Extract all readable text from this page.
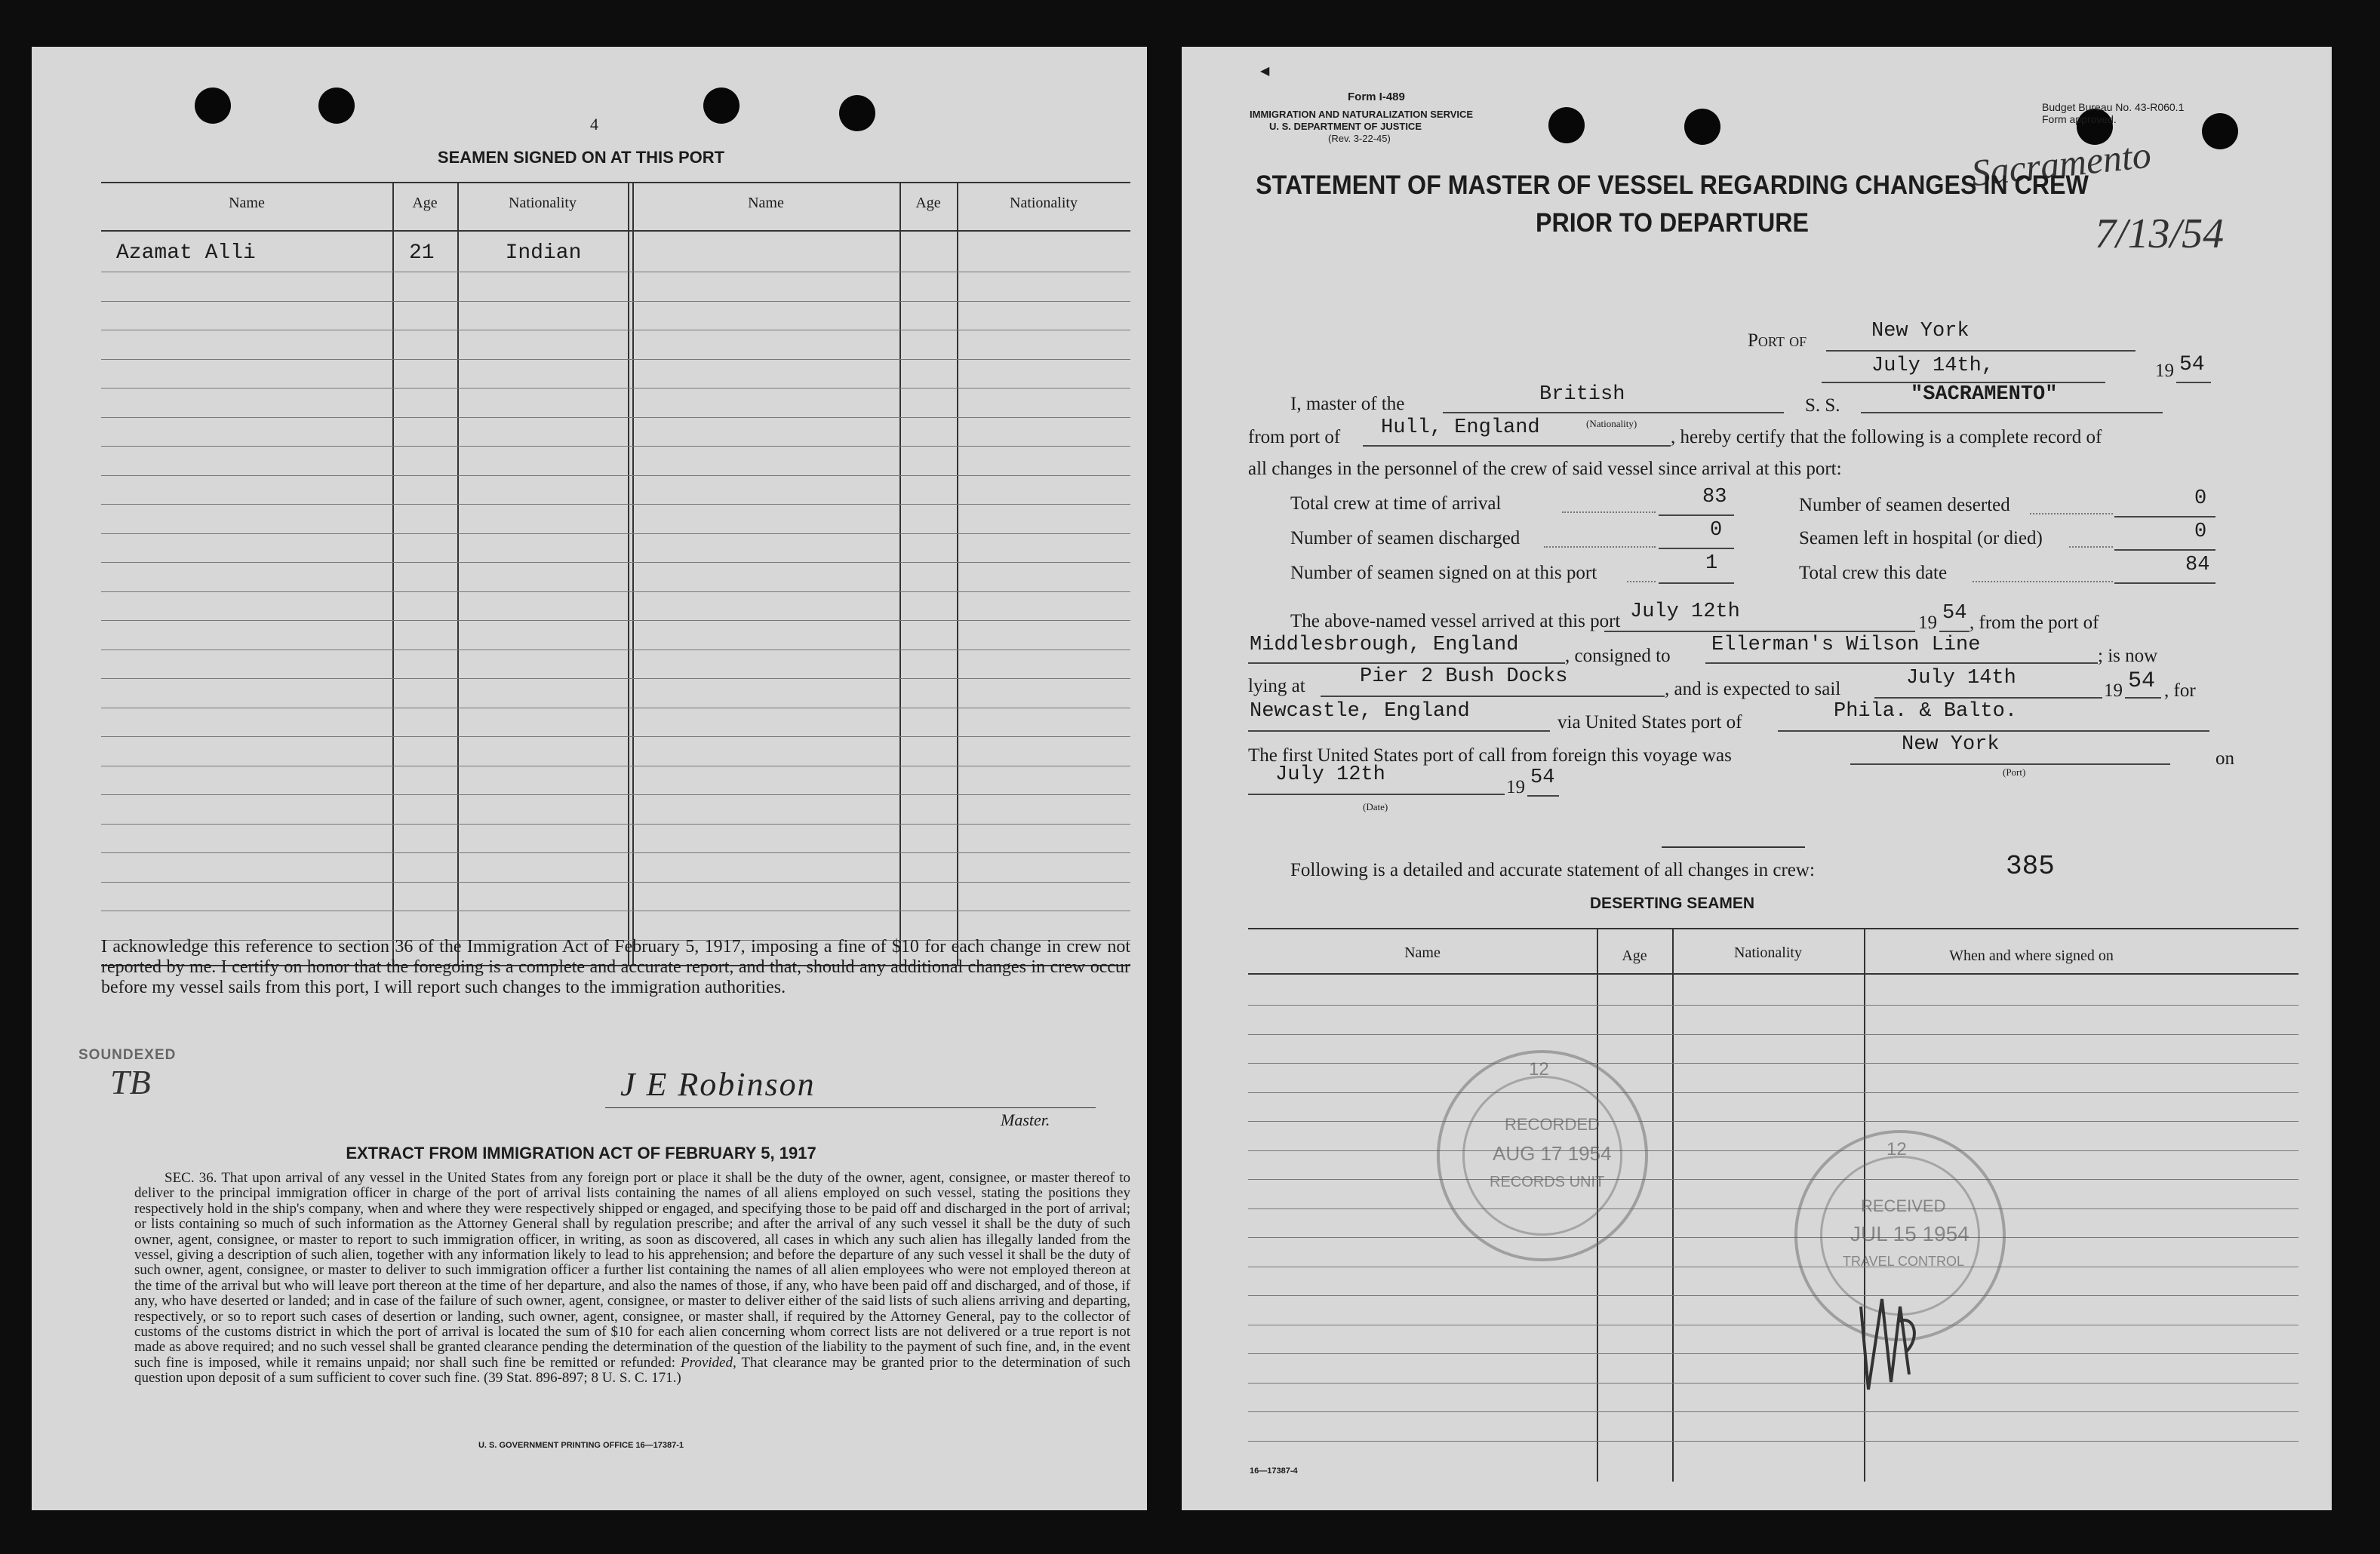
4
SEAMEN SIGNED ON AT THIS PORT
Name	Age	Nationality	Name	Age	Nationality
Azamat Alli	21	Indian
I acknowledge this reference to section 36 of the Immigration Act of February 5, 1917, imposing a fine of $10 for each change in crew not reported by me. I certify on honor that the foregoing is a complete and accurate report, and that, should any additional changes in crew occur before my vessel sails from this port, I will report such changes to the immigration authorities.
SOUNDEXED
TB	J E Robinson
Master.
EXTRACT FROM IMMIGRATION ACT OF FEBRUARY 5, 1917
SEC. 36. That upon arrival of any vessel in the United States from any foreign port or place it shall be the duty of the owner, agent, consignee, or master thereof to deliver to the principal immigration officer in charge of the port of arrival lists containing the names of all aliens employed on such vessel, stating the positions they respectively hold in the ship's company, when and where they were respectively shipped or engaged, and specifying those to be paid off and discharged in the port of arrival; or lists containing so much of such information as the Attorney General shall by regulation prescribe; and after the arrival of any such vessel it shall be the duty of such owner, agent, consignee, or master to report to such immigration officer, in writing, as soon as discovered, all cases in which any such alien has illegally landed from the vessel, giving a description of such alien, together with any information likely to lead to his apprehension; and before the departure of any such vessel it shall be the duty of such owner, agent, consignee, or master to deliver to such immigration officer a further list containing the names of all alien employees who were not employed thereon at the time of the arrival but who will leave port thereon at the time of her departure, and also the names of those, if any, who have been paid off and discharged, and of those, if any, who have deserted or landed; and in case of the failure of such owner, agent, consignee, or master to deliver either of the said lists of such aliens arriving and departing, respectively, or so to report such cases of desertion or landing, such owner, agent, consignee, or master shall, if required by the Attorney General, pay to the collector of customs of the customs district in which the port of arrival is located the sum of $10 for each alien concerning whom correct lists are not delivered or a true report is not made as above required; and no such vessel shall be granted clearance pending the determination of the question of the liability to the payment of such fine, and, in the event such fine is imposed, while it remains unpaid; nor shall such fine be remitted or refunded: Provided, That clearance may be granted prior to the determination of such question upon deposit of a sum sufficient to cover such fine. (39 Stat. 896-897; 8 U. S. C. 171.)
U. S. GOVERNMENT PRINTING OFFICE 16—17387-1
◀
Form I-489
IMMIGRATION AND NATURALIZATION SERVICE
U. S. DEPARTMENT OF JUSTICE
(Rev. 3-22-45)
Budget Bureau No. 43-R060.1
Form approved.
Sacramento
7/13/54
STATEMENT OF MASTER OF VESSEL REGARDING CHANGES IN CREW
PRIOR TO DEPARTURE
Port of	New York
July 14th,	19 54
I, master of the	British
(Nationality)
S. S.	"SACRAMENTO"
from port of Hull, England	, hereby certify that the following is a complete record of
all changes in the personnel of the crew of said vessel since arrival at this port:
Total crew at time of arrival	83	Number of seamen deserted	0
Number of seamen discharged	0	Seamen left in hospital (or died)	0
Number of seamen signed on at this port	1	Total crew this date	84
The above-named vessel arrived at this port July 12th	19 54 , from the port of
Middlesbrough, England , consigned to Ellerman's Wilson Line	; is now
lying at	Pier 2 Bush Docks
, and is expected to sail	July 14th
19 54 , for
Newcastle, England	via United States port of	Phila. & Balto.
The first United States port of call from foreign this voyage was	New York
(Port)
on
July 12th
(Date)
19 54
Following is a detailed and accurate statement of all changes in crew:	385
DESERTING SEAMEN
Name	Age	Nationality	When and where signed on
12
RECORDED
AUG 17 1954
RECORDS UNIT
12
RECEIVED
JUL 15 1954
TRAVEL CONTROL
16—17387-4
